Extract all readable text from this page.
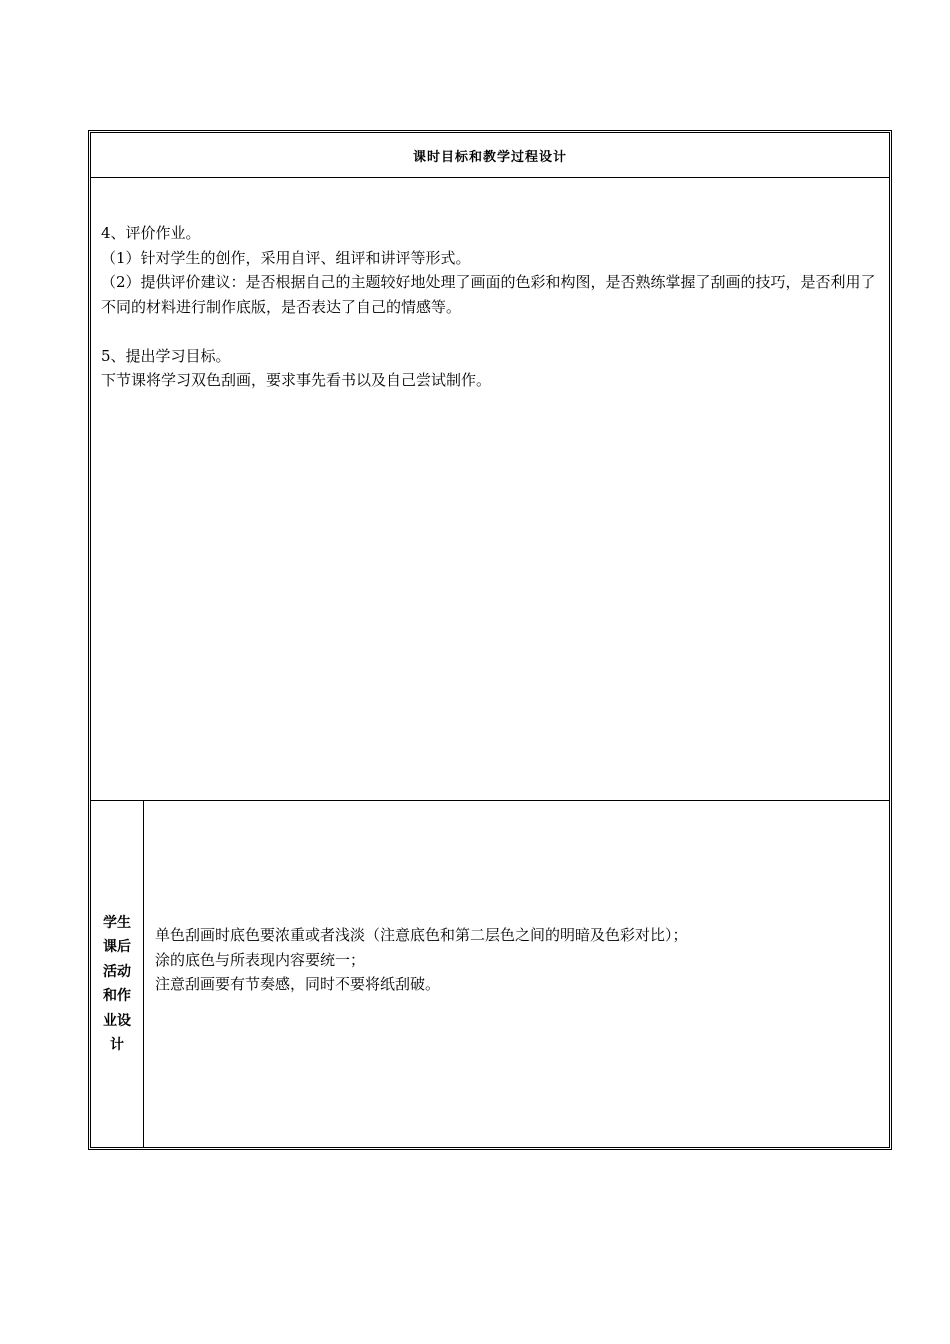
课时目标和教学过程设计

4、评价作业。

（1）针对学生的创作，采用自评、组评和讲评等形式。

（2）提供评价建议：是否根据自己的主题较好地处理了画面的色彩和构图，是否熟练掌握了刮画的技巧，是否利用了不同的材料进行制作底版，是否表达了自己的情感等。

5、提出学习目标。

下节课将学习双色刮画，要求事先看书以及自己尝试制作。

学生课后活动和作业设计

单色刮画时底色要浓重或者浅淡（注意底色和第二层色之间的明暗及色彩对比）；

涂的底色与所表现内容要统一；

注意刮画要有节奏感，同时不要将纸刮破。
